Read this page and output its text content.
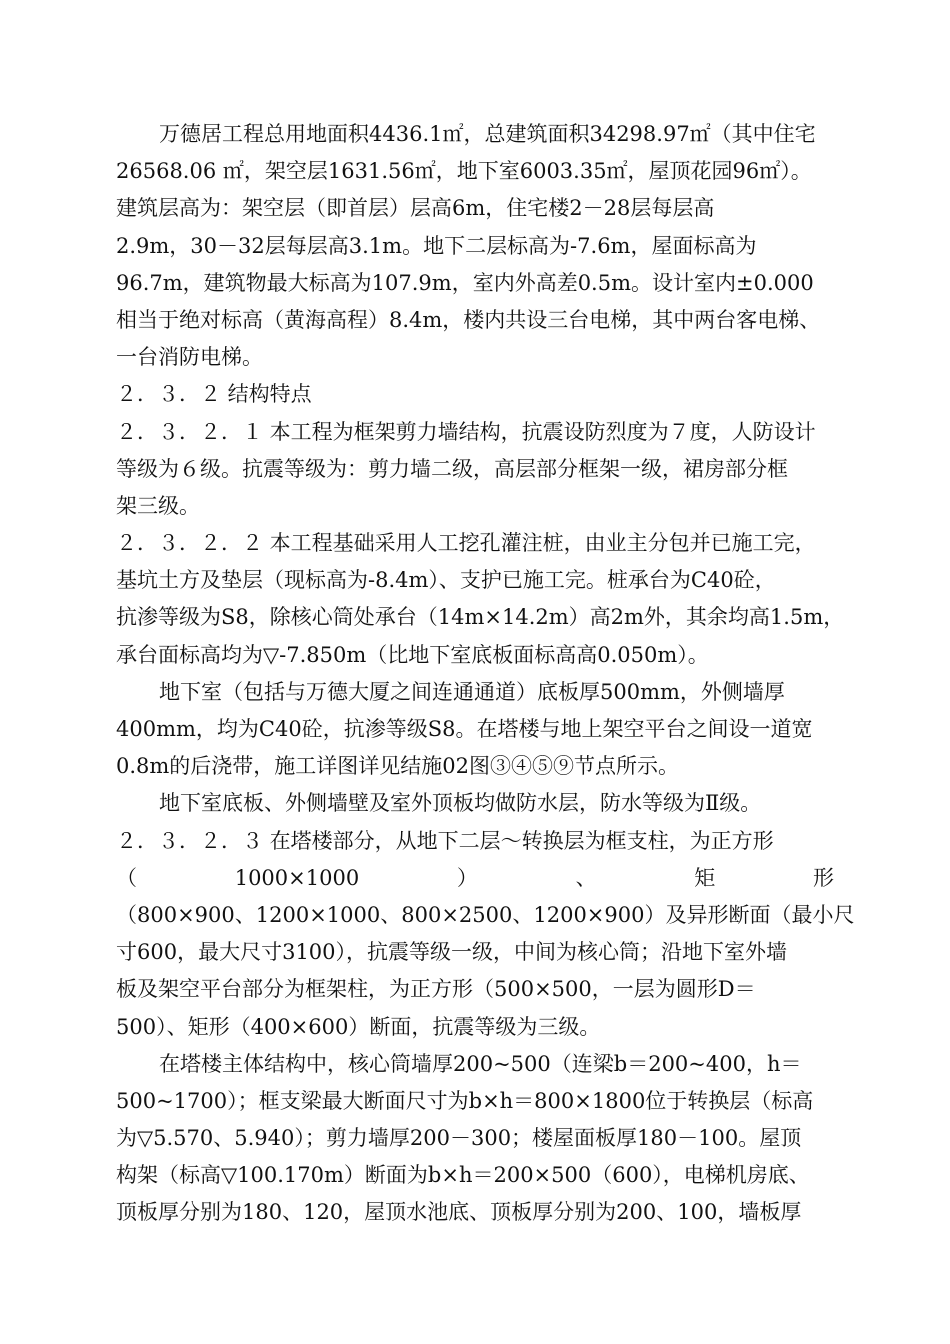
万德居工程总用地面积4436.1㎡，总建筑面积34298.97㎡（其中住宅
26568.06 ㎡，架空层1631.56㎡，地下室6003.35㎡，屋顶花园96㎡）。
建筑层高为：架空层（即首层）层高6m，住宅楼2－28层每层高
2.9m，30－32层每层高3.1m。地下二层标高为-7.6m，屋面标高为
96.7m，建筑物最大标高为107.9m，室内外高差0.5m。设计室内±0.000
相当于绝对标高（黄海高程）8.4m，楼内共设三台电梯，其中两台客电梯、
一台消防电梯。
２．３．２ 结构特点
２．３．２．１ 本工程为框架剪力墙结构，抗震设防烈度为７度，人防设计
等级为６级。抗震等级为：剪力墙二级，高层部分框架一级，裙房部分框
架三级。
２．３．２．２ 本工程基础采用人工挖孔灌注桩，由业主分包并已施工完，
基坑土方及垫层（现标高为-8.4m）、支护已施工完。桩承台为C40砼，
抗渗等级为S8，除核心筒处承台（14m×14.2m）高2m外，其余均高1.5m，
承台面标高均为▽-7.850m（比地下室底板面标高高0.050m）。
地下室（包括与万德大厦之间连通通道）底板厚500mm，外侧墙厚
400mm，均为C40砼，抗渗等级S8。在塔楼与地上架空平台之间设一道宽
0.8m的后浇带，施工详图详见结施02图③④⑤⑨节点所示。
地下室底板、外侧墙壁及室外顶板均做防水层，防水等级为Ⅱ级。
２．３．２．３ 在塔楼部分，从地下二层～转换层为框支柱，为正方形
（	1000×1000	）	、	矩	形
（800×900、1200×1000、800×2500、1200×900）及异形断面（最小尺
寸600，最大尺寸3100），抗震等级一级，中间为核心筒；沿地下室外墙
板及架空平台部分为框架柱，为正方形（500×500，一层为圆形D＝
500）、矩形（400×600）断面，抗震等级为三级。
在塔楼主体结构中，核心筒墙厚200~500（连梁b＝200~400，h＝
500~1700）；框支梁最大断面尺寸为b×h＝800×1800位于转换层（标高
为▽5.570、5.940）；剪力墙厚200－300；楼屋面板厚180－100。屋顶
构架（标高▽100.170m）断面为b×h＝200×500（600），电梯机房底、
顶板厚分别为180、120，屋顶水池底、顶板厚分别为200、100，墙板厚
